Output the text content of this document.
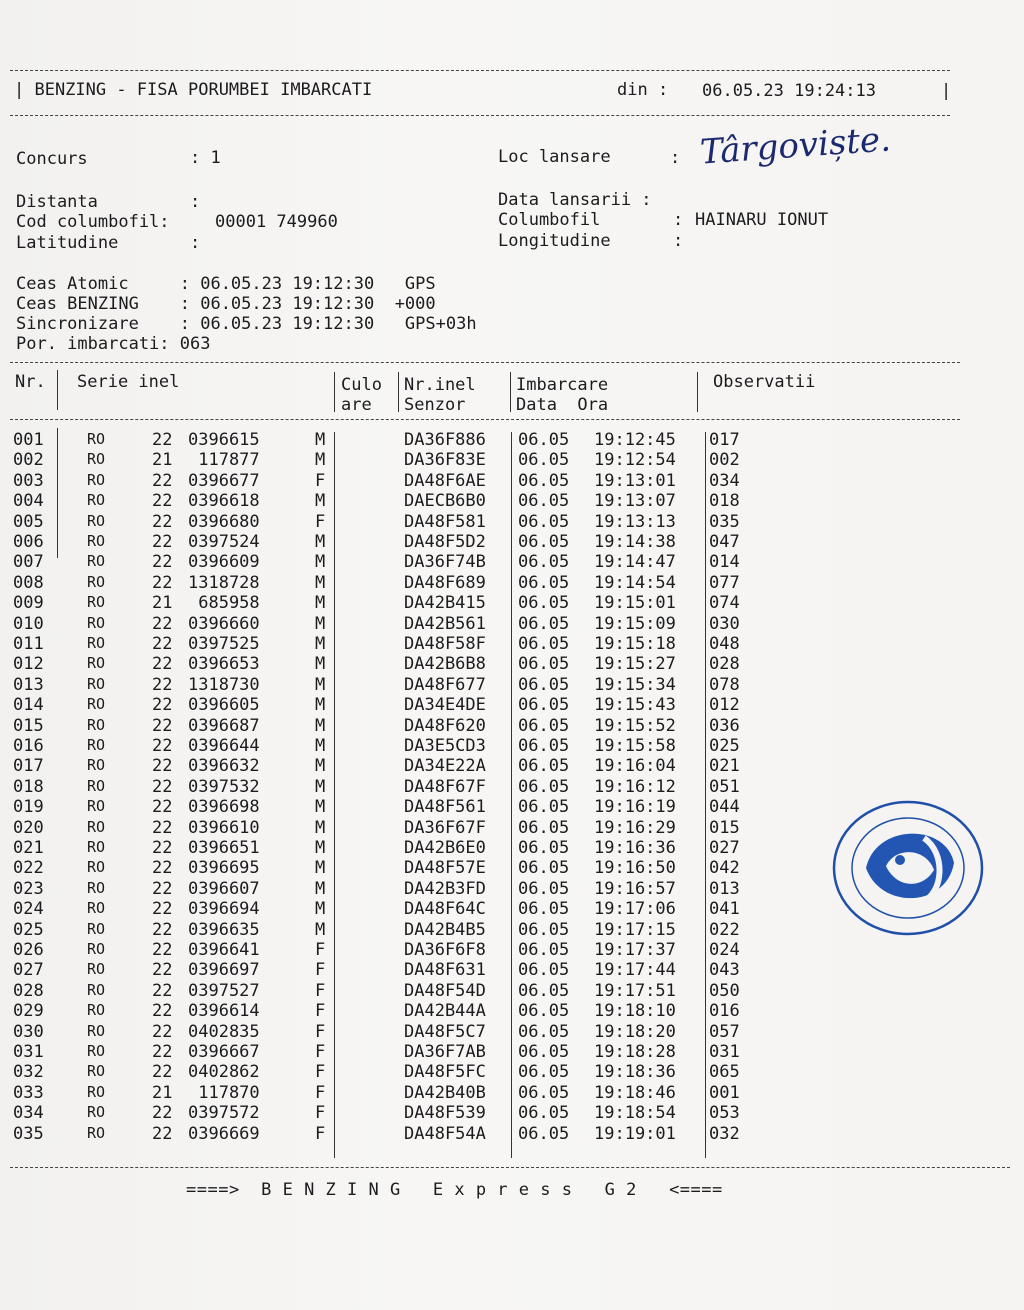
| BENZING - FISA PORUMBEI IMBARCATI	din : 06.05.23 19:24:13	|
Concurs	: 1	Loc lansare	: Târgoviște.
Distanta	:	Data lansarii :
Cod columbofil:	00001 749960	Columbofil	: HAINARU IONUT
Latitudine	:	Longitudine	:
Ceas Atomic     : 06.05.23 19:12:30   GPS
Ceas BENZING    : 06.05.23 19:12:30  +000
Sincronizare    : 06.05.23 19:12:30   GPS+03h
Por. imbarcati: 063
Nr. Serie inel	Culo
are
Nr.inel
Senzor
Imbarcare
Data  Ora
Observatii
001	RO	22 0396615	M	DA36F886 06.05 19:12:45 017
002	RO	21 117877	M	DA36F83E 06.05 19:12:54 002
003	RO	22 0396677	F	DA48F6AE 06.05 19:13:01 034
004	RO	22 0396618	M	DAECB6B0 06.05 19:13:07 018
005	RO	22 0396680	F	DA48F581 06.05 19:13:13 035
006	RO	22 0397524	M	DA48F5D2 06.05 19:14:38 047
007	RO	22 0396609	M	DA36F74B 06.05 19:14:47 014
008	RO	22 1318728	M	DA48F689 06.05 19:14:54 077
009	RO	21 685958	M	DA42B415 06.05 19:15:01 074
010	RO	22 0396660	M	DA42B561 06.05 19:15:09 030
011	RO	22 0397525	M	DA48F58F 06.05 19:15:18 048
012	RO	22 0396653	M	DA42B6B8 06.05 19:15:27 028
013	RO	22 1318730	M	DA48F677 06.05 19:15:34 078
014	RO	22 0396605	M	DA34E4DE 06.05 19:15:43 012
015	RO	22 0396687	M	DA48F620 06.05 19:15:52 036
016	RO	22 0396644	M	DA3E5CD3 06.05 19:15:58 025
017	RO	22 0396632	M	DA34E22A 06.05 19:16:04 021
018	RO	22 0397532	M	DA48F67F 06.05 19:16:12 051
019	RO	22 0396698	M	DA48F561 06.05 19:16:19 044
020	RO	22 0396610	M	DA36F67F 06.05 19:16:29 015
021	RO	22 0396651	M	DA42B6E0 06.05 19:16:36 027
022	RO	22 0396695	M	DA48F57E 06.05 19:16:50 042
023	RO	22 0396607	M	DA42B3FD 06.05 19:16:57 013
024	RO	22 0396694	M	DA48F64C 06.05 19:17:06 041
025	RO	22 0396635	M	DA42B4B5 06.05 19:17:15 022
026	RO	22 0396641	F	DA36F6F8 06.05 19:17:37 024
027	RO	22 0396697	F	DA48F631 06.05 19:17:44 043
028	RO	22 0397527	F	DA48F54D 06.05 19:17:51 050
029	RO	22 0396614	F	DA42B44A 06.05 19:18:10 016
030	RO	22 0402835	F	DA48F5C7 06.05 19:18:20 057
031	RO	22 0396667	F	DA36F7AB 06.05 19:18:28 031
032	RO	22 0402862	F	DA48F5FC 06.05 19:18:36 065
033	RO	21 117870	F	DA42B40B 06.05 19:18:46 001
034	RO	22 0397572	F	DA48F539 06.05 19:18:54 053
035	RO	22 0396669	F	DA48F54A 06.05 19:19:01 032
====>  B E N Z I N G   E x p r e s s   G 2   <====
